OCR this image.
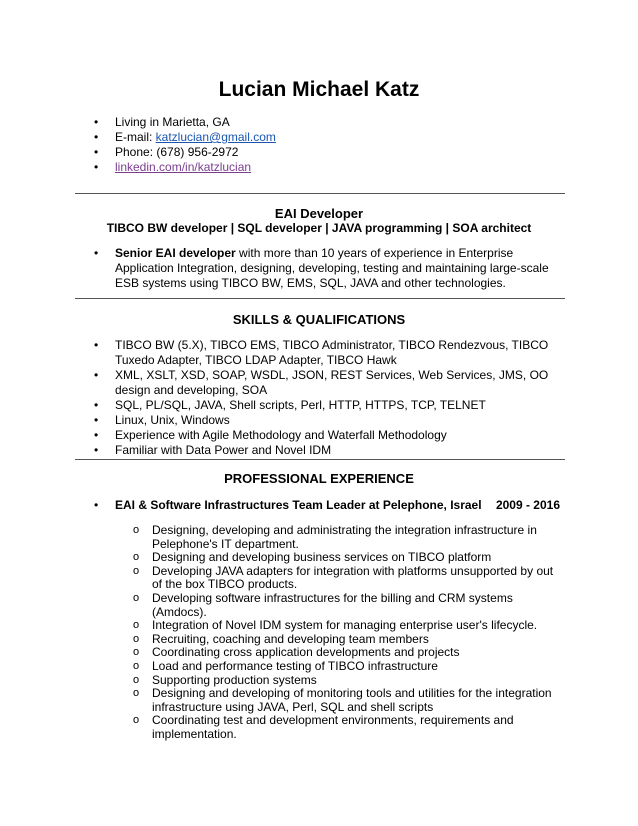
Lucian Michael Katz
• Living in Marietta, GA
• E-mail: katzlucian@gmail.com
• Phone: (678) 956-2972
• linkedin.com/in/katzlucian
EAI Developer
TIBCO BW developer | SQL developer | JAVA programming | SOA architect
• Senior EAI developer with more than 10 years of experience in Enterprise Application Integration, designing, developing, testing and maintaining large-scale ESB systems using TIBCO BW, EMS, SQL, JAVA and other technologies.
SKILLS & QUALIFICATIONS
• TIBCO BW (5.X), TIBCO EMS, TIBCO Administrator, TIBCO Rendezvous, TIBCO Tuxedo Adapter, TIBCO LDAP Adapter, TIBCO Hawk
• XML, XSLT, XSD, SOAP, WSDL, JSON, REST Services, Web Services, JMS, OO design and developing, SOA
• SQL, PL/SQL, JAVA, Shell scripts, Perl, HTTP, HTTPS, TCP, TELNET
• Linux, Unix, Windows
• Experience with Agile Methodology and Waterfall Methodology
• Familiar with Data Power and Novel IDM
PROFESSIONAL EXPERIENCE
• EAI & Software Infrastructures Team Leader at Pelephone, Israel 2009 - 2016
o Designing, developing and administrating the integration infrastructure in Pelephone's IT department.
o Designing and developing business services on TIBCO platform
o Developing JAVA adapters for integration with platforms unsupported by out of the box TIBCO products.
o Developing software infrastructures for the billing and CRM systems (Amdocs).
o Integration of Novel IDM system for managing enterprise user's lifecycle.
o Recruiting, coaching and developing team members
o Coordinating cross application developments and projects
o Load and performance testing of TIBCO infrastructure
o Supporting production systems
o Designing and developing of monitoring tools and utilities for the integration infrastructure using JAVA, Perl, SQL and shell scripts
o Coordinating test and development environments, requirements and implementation.
